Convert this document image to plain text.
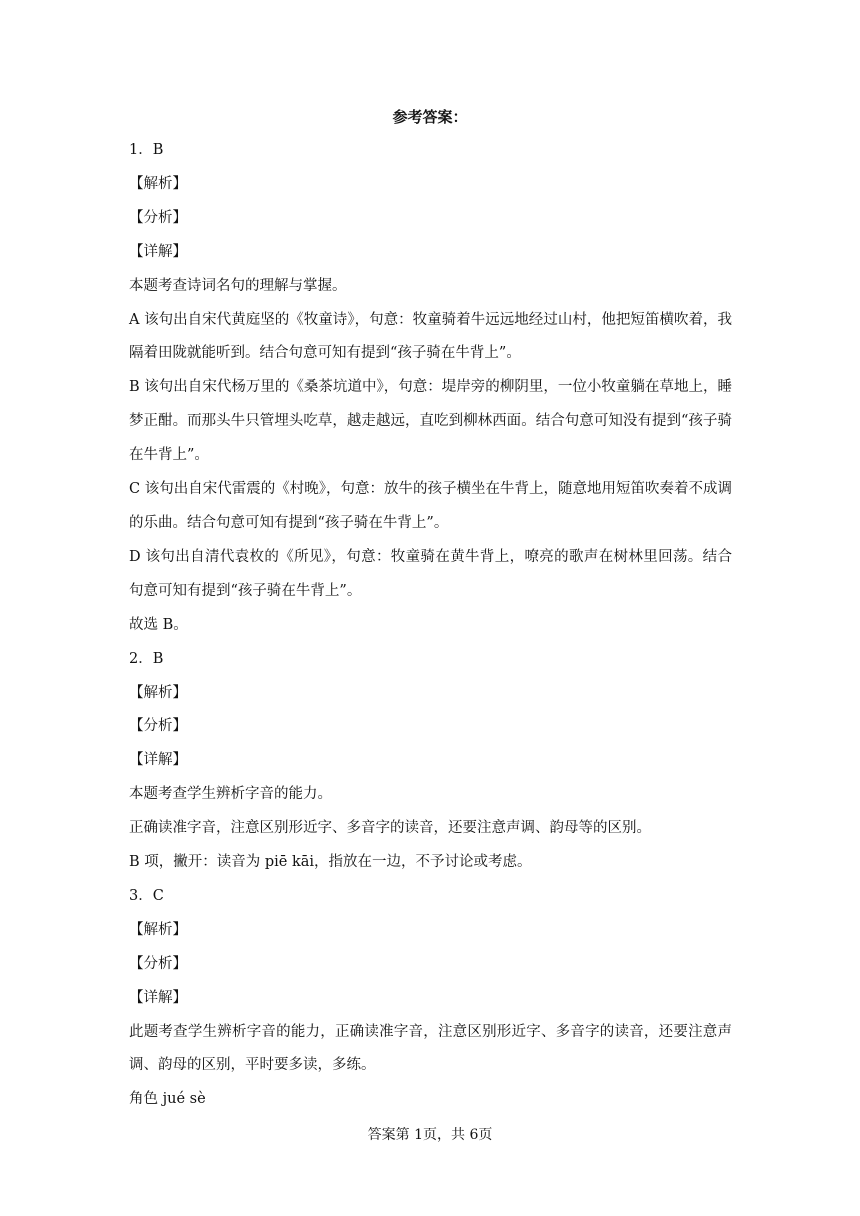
参考答案：

1．B

【解析】

【分析】

【详解】

本题考查诗词名句的理解与掌握。

A 该句出自宋代黄庭坚的《牧童诗》，句意：牧童骑着牛远远地经过山村，他把短笛横吹着，我隔着田陇就能听到。结合句意可知有提到“孩子骑在牛背上”。

B 该句出自宋代杨万里的《桑茶坑道中》，句意：堤岸旁的柳阴里，一位小牧童躺在草地上，睡梦正酣。而那头牛只管埋头吃草，越走越远，直吃到柳林西面。结合句意可知没有提到“孩子骑在牛背上”。

C 该句出自宋代雷震的《村晚》，句意：放牛的孩子横坐在牛背上，随意地用短笛吹奏着不成调的乐曲。结合句意可知有提到“孩子骑在牛背上”。

D 该句出自清代袁枚的《所见》，句意：牧童骑在黄牛背上，嘹亮的歌声在树林里回荡。结合句意可知有提到“孩子骑在牛背上”。

故选 B。

2．B

【解析】

【分析】

【详解】

本题考查学生辨析字音的能力。

正确读准字音，注意区别形近字、多音字的读音，还要注意声调、韵母等的区别。

B 项，撇开：读音为 piē kāi，指放在一边，不予讨论或考虑。

3．C

【解析】

【分析】

【详解】

此题考查学生辨析字音的能力，正确读准字音，注意区别形近字、多音字的读音，还要注意声调、韵母的区别，平时要多读，多练。

角色 jué sè

答案第 1页，共 6页
